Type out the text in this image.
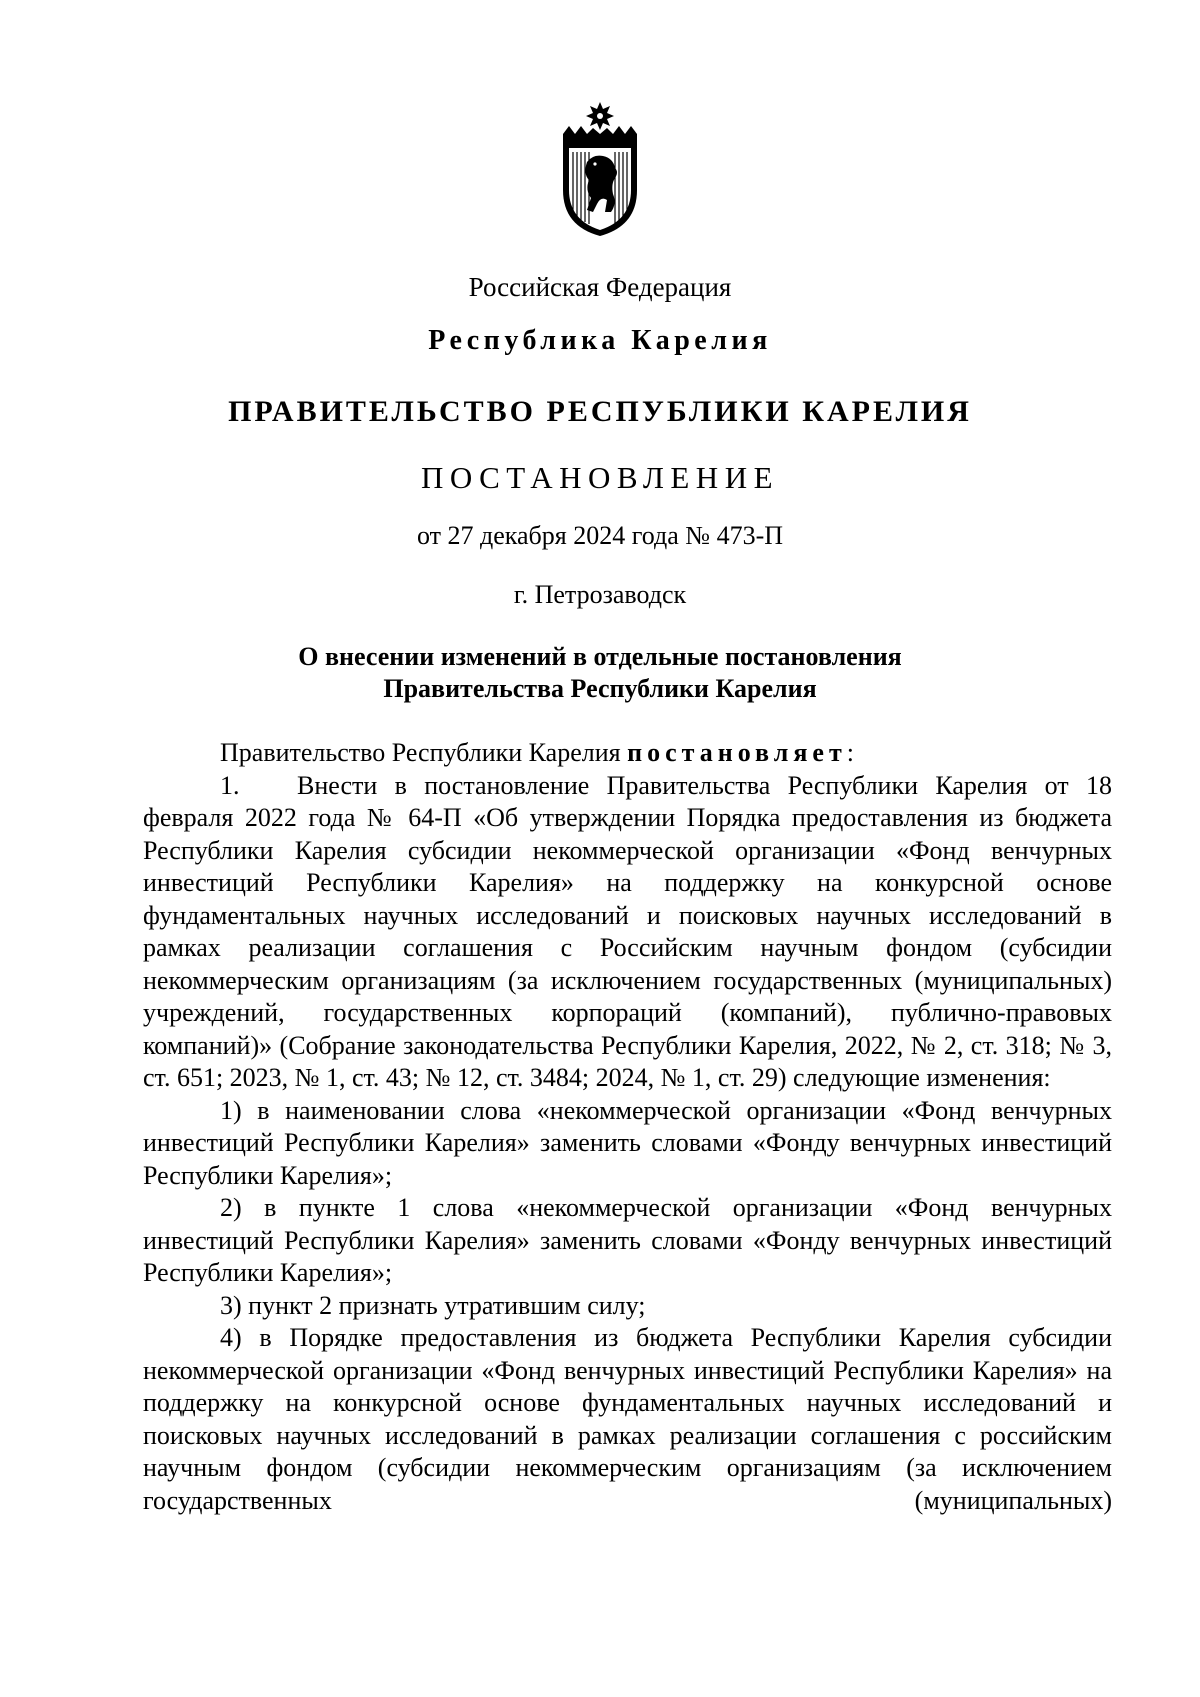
Российская Федерация
Республика Карелия
ПРАВИТЕЛЬСТВО РЕСПУБЛИКИ КАРЕЛИЯ
ПОСТАНОВЛЕНИЕ
от 27 декабря 2024 года № 473-П
г. Петрозаводск
О внесении изменений в отдельные постановления
Правительства Республики Карелия

Правительство Республики Карелия постановляет:

1. Внести в постановление Правительства Республики Карелия от 18 февраля 2022 года № 64-П «Об утверждении Порядка предоставления из бюджета Республики Карелия субсидии некоммерческой организации «Фонд венчурных инвестиций Республики Карелия» на поддержку на конкурсной основе фундаментальных научных исследований и поисковых научных исследований в рамках реализации соглашения с Российским научным фондом (субсидии некоммерческим организациям (за исключением государственных (муниципальных) учреждений, государственных корпораций (компаний), публично-правовых компаний)» (Собрание законодательства Республики Карелия, 2022, № 2, ст. 318; № 3, ст. 651; 2023, № 1, ст. 43; № 12, ст. 3484; 2024, № 1, ст. 29) следующие изменения:

1) в наименовании слова «некоммерческой организации «Фонд венчурных инвестиций Республики Карелия» заменить словами «Фонду венчурных инвестиций Республики Карелия»;

2) в пункте 1 слова «некоммерческой организации «Фонд венчурных инвестиций Республики Карелия» заменить словами «Фонду венчурных инвестиций Республики Карелия»;

3) пункт 2 признать утратившим силу;

4) в Порядке предоставления из бюджета Республики Карелия субсидии некоммерческой организации «Фонд венчурных инвестиций Республики Карелия» на поддержку на конкурсной основе фундаментальных научных исследований и поисковых научных исследований в рамках реализации соглашения с российским научным фондом (субсидии некоммерческим организациям (за исключением государственных (муниципальных)
